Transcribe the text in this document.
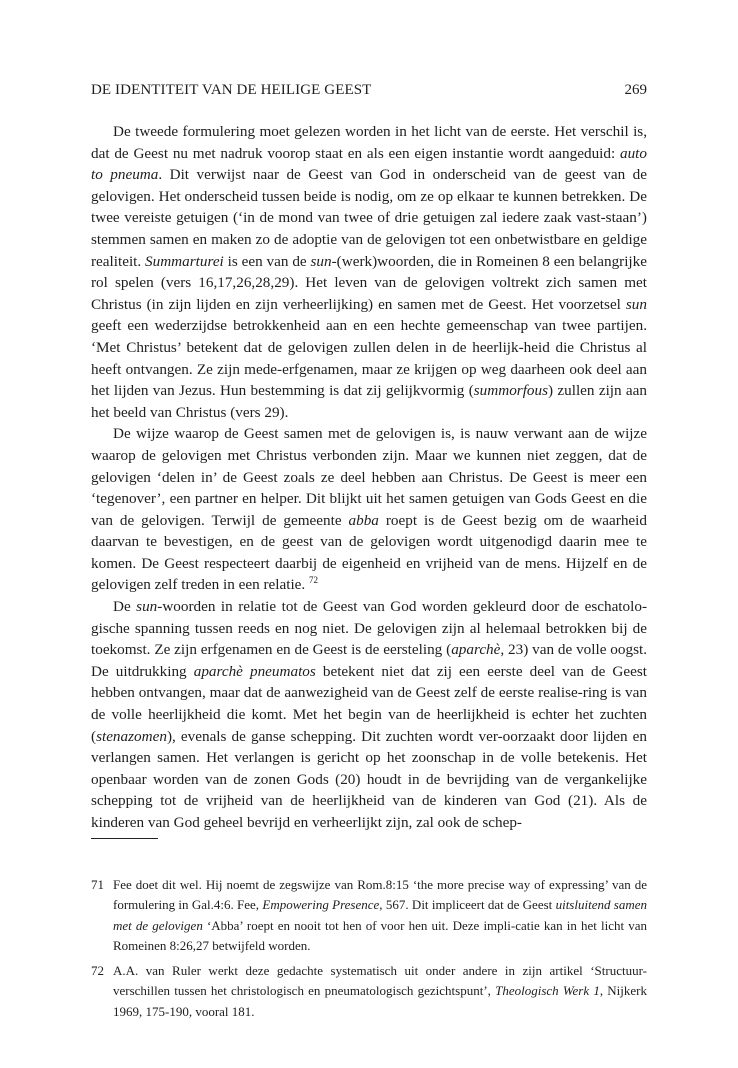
DE IDENTITEIT VAN DE HEILIGE GEEST	269

De tweede formulering moet gelezen worden in het licht van de eerste. Het verschil is, dat de Geest nu met nadruk voorop staat en als een eigen instantie wordt aangeduid: auto to pneuma. Dit verwijst naar de Geest van God in onderscheid van de geest van de gelovigen. Het onderscheid tussen beide is nodig, om ze op elkaar te kunnen betrekken. De twee vereiste getuigen (‘in de mond van twee of drie getuigen zal iedere zaak vast-staan’) stemmen samen en maken zo de adoptie van de gelovigen tot een onbetwistbare en geldige realiteit. Summarturei is een van de sun-(werk)woorden, die in Romeinen 8 een belangrijke rol spelen (vers 16,17,26,28,29). Het leven van de gelovigen voltrekt zich samen met Christus (in zijn lijden en zijn verheerlijking) en samen met de Geest. Het voorzetsel sun geeft een wederzijdse betrokkenheid aan en een hechte gemeenschap van twee partijen. ‘Met Christus’ betekent dat de gelovigen zullen delen in de heerlijk-heid die Christus al heeft ontvangen. Ze zijn mede-erfgenamen, maar ze krijgen op weg daarheen ook deel aan het lijden van Jezus. Hun bestemming is dat zij gelijkvormig (summorfous) zullen zijn aan het beeld van Christus (vers 29).

De wijze waarop de Geest samen met de gelovigen is, is nauw verwant aan de wijze waarop de gelovigen met Christus verbonden zijn. Maar we kunnen niet zeggen, dat de gelovigen ‘delen in’ de Geest zoals ze deel hebben aan Christus. De Geest is meer een ‘tegenover’, een partner en helper. Dit blijkt uit het samen getuigen van Gods Geest en die van de gelovigen. Terwijl de gemeente abba roept is de Geest bezig om de waarheid daarvan te bevestigen, en de geest van de gelovigen wordt uitgenodigd daarin mee te komen. De Geest respecteert daarbij de eigenheid en vrijheid van de mens. Hijzelf en de gelovigen zelf treden in een relatie. $^{72}$

De sun-woorden in relatie tot de Geest van God worden gekleurd door de eschatolo-gische spanning tussen reeds en nog niet. De gelovigen zijn al helemaal betrokken bij de toekomst. Ze zijn erfgenamen en de Geest is de eersteling (aparchè, 23) van de volle oogst. De uitdrukking aparchè pneumatos betekent niet dat zij een eerste deel van de Geest hebben ontvangen, maar dat de aanwezigheid van de Geest zelf de eerste realise-ring is van de volle heerlijkheid die komt. Met het begin van de heerlijkheid is echter het zuchten (stenazomen), evenals de ganse schepping. Dit zuchten wordt ver-oorzaakt door lijden en verlangen samen. Het verlangen is gericht op het zoonschap in de volle betekenis. Het openbaar worden van de zonen Gods (20) houdt in de bevrijding van de vergankelijke schepping tot de vrijheid van de heerlijkheid van de kinderen van God (21). Als de kinderen van God geheel bevrijd en verheerlijkt zijn, zal ook de schep-

71 Fee doet dit wel. Hij noemt de zegswijze van Rom.8:15 ‘the more precise way of expressing’ van de formulering in Gal.4:6. Fee, Empowering Presence, 567. Dit impliceert dat de Geest uitsluitend samen met de gelovigen ‘Abba’ roept en nooit tot hen of voor hen uit. Deze impli-catie kan in het licht van Romeinen 8:26,27 betwijfeld worden.
72 A.A. van Ruler werkt deze gedachte systematisch uit onder andere in zijn artikel ‘Structuur-verschillen tussen het christologisch en pneumatologisch gezichtspunt’, Theologisch Werk 1, Nijkerk 1969, 175-190, vooral 181.
